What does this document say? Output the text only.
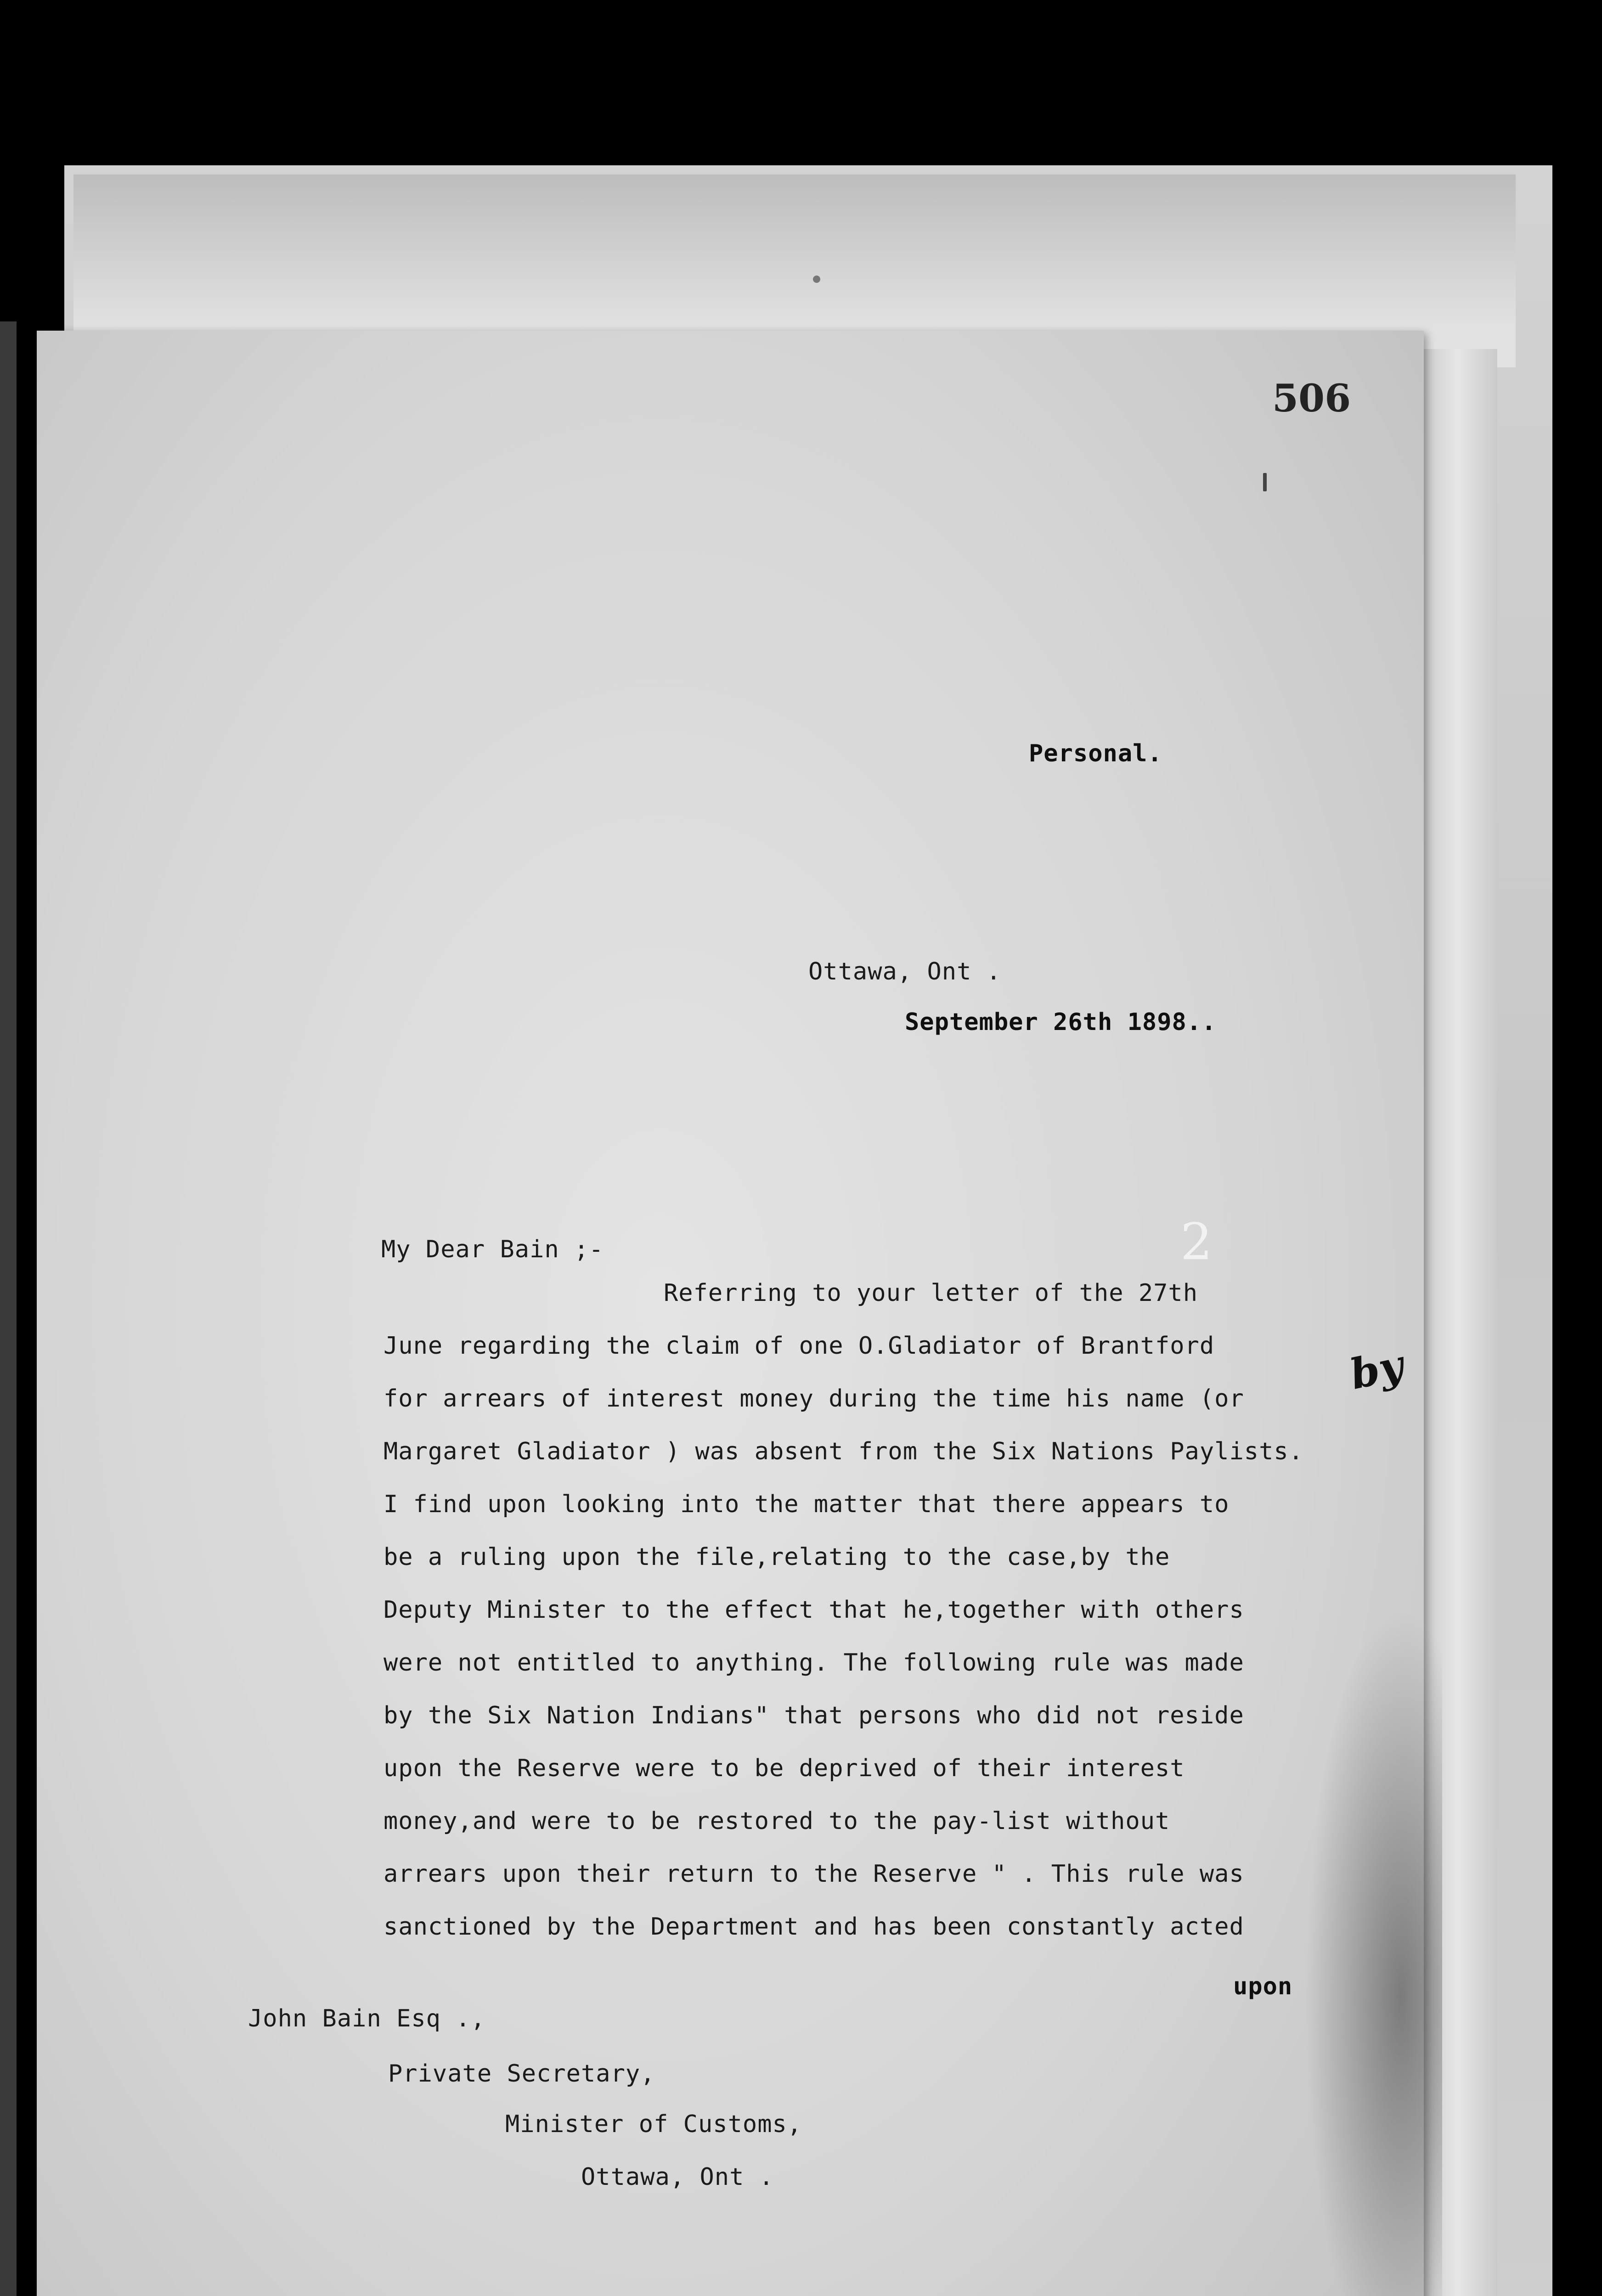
506
Personal.
Ottawa, Ont .
September 26th 1898..
My Dear Bain ;-
Referring to your letter of the 27th
June regarding the claim of one O.Gladiator of Brantford
for arrears of interest money during the time his name (or
Margaret Gladiator ) was absent from the Six Nations Paylists.
I find upon looking into the matter that there appears to
be a ruling upon the file,relating to the case,by the
Deputy Minister to the effect that he,together with others
were not entitled to anything. The following rule was made
by the Six Nation Indians" that persons who did not reside
upon the Reserve were to be deprived of their interest
money,and were to be restored to the pay-list without
arrears upon their return to the Reserve " . This rule was
sanctioned by the Department and has been constantly acted
upon
John Bain Esq .,
Private Secretary,
Minister of Customs,
Ottawa, Ont .
2
by
